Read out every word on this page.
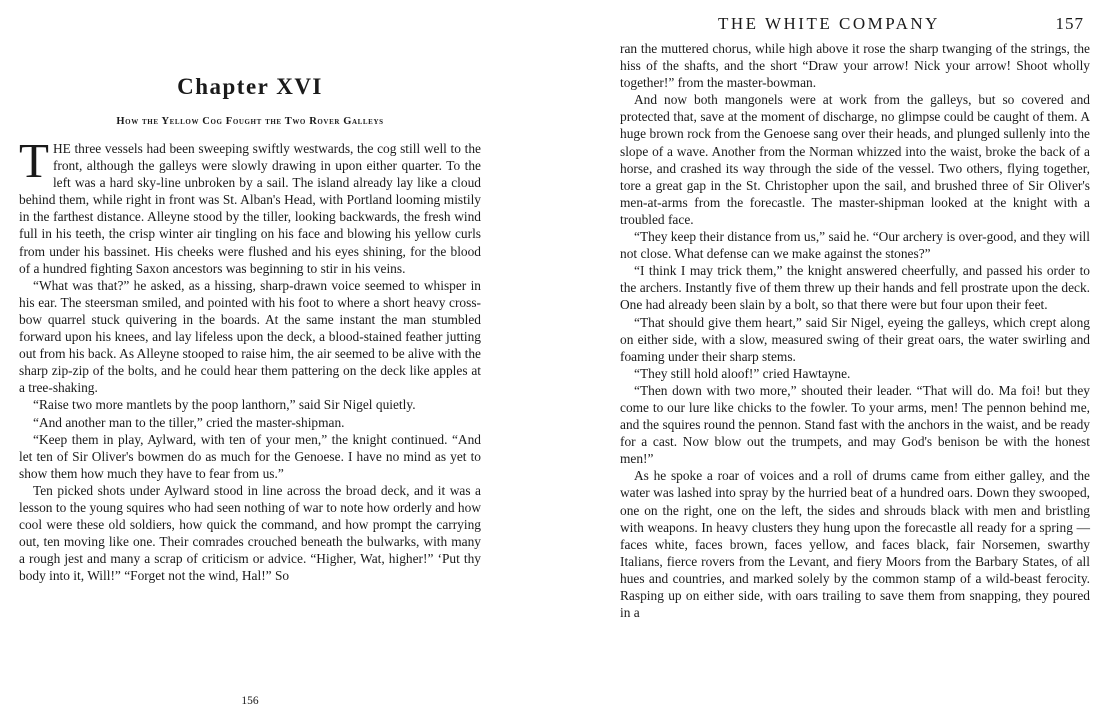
Chapter XVI
How the Yellow Cog Fought the Two Rover Galleys

THE three vessels had been sweeping swiftly westwards, the cog still well to the front, although the galleys were slowly drawing in upon either quarter. To the left was a hard sky-line unbroken by a sail. The island already lay like a cloud behind them, while right in front was St. Alban's Head, with Portland looming mistily in the farthest distance. Alleyne stood by the tiller, looking backwards, the fresh wind full in his teeth, the crisp winter air tingling on his face and blowing his yellow curls from under his bassinet. His cheeks were flushed and his eyes shining, for the blood of a hundred fighting Saxon ancestors was beginning to stir in his veins.

“What was that?” he asked, as a hissing, sharp-drawn voice seemed to whisper in his ear. The steersman smiled, and pointed with his foot to where a short heavy cross-bow quarrel stuck quivering in the boards. At the same instant the man stumbled forward upon his knees, and lay lifeless upon the deck, a blood-stained feather jutting out from his back. As Alleyne stooped to raise him, the air seemed to be alive with the sharp zip-zip of the bolts, and he could hear them pattering on the deck like apples at a tree-shaking.

“Raise two more mantlets by the poop lanthorn,” said Sir Nigel quietly.

“And another man to the tiller,” cried the master-shipman.

“Keep them in play, Aylward, with ten of your men,” the knight continued. “And let ten of Sir Oliver's bowmen do as much for the Genoese. I have no mind as yet to show them how much they have to fear from us.”

Ten picked shots under Aylward stood in line across the broad deck, and it was a lesson to the young squires who had seen nothing of war to note how orderly and how cool were these old soldiers, how quick the command, and how prompt the carrying out, ten moving like one. Their comrades crouched beneath the bulwarks, with many a rough jest and many a scrap of criticism or advice. “Higher, Wat, higher!” ‘Put thy body into it, Will!” “Forget not the wind, Hal!” So

156
THE WHITE COMPANY	157

ran the muttered chorus, while high above it rose the sharp twanging of the strings, the hiss of the shafts, and the short “Draw your arrow! Nick your arrow! Shoot wholly together!” from the master-bowman.

And now both mangonels were at work from the galleys, but so covered and protected that, save at the moment of discharge, no glimpse could be caught of them. A huge brown rock from the Genoese sang over their heads, and plunged sullenly into the slope of a wave. Another from the Norman whizzed into the waist, broke the back of a horse, and crashed its way through the side of the vessel. Two others, flying together, tore a great gap in the St. Christopher upon the sail, and brushed three of Sir Oliver's men-at-arms from the forecastle. The master-shipman looked at the knight with a troubled face.

“They keep their distance from us,” said he. “Our archery is over-good, and they will not close. What defense can we make against the stones?”

“I think I may trick them,” the knight answered cheerfully, and passed his order to the archers. Instantly five of them threw up their hands and fell prostrate upon the deck. One had already been slain by a bolt, so that there were but four upon their feet.

“That should give them heart,” said Sir Nigel, eyeing the galleys, which crept along on either side, with a slow, measured swing of their great oars, the water swirling and foaming under their sharp stems.

“They still hold aloof!” cried Hawtayne.

“Then down with two more,” shouted their leader. “That will do. Ma foi! but they come to our lure like chicks to the fowler. To your arms, men! The pennon behind me, and the squires round the pennon. Stand fast with the anchors in the waist, and be ready for a cast. Now blow out the trumpets, and may God's benison be with the honest men!”

As he spoke a roar of voices and a roll of drums came from either galley, and the water was lashed into spray by the hurried beat of a hundred oars. Down they swooped, one on the right, one on the left, the sides and shrouds black with men and bristling with weapons. In heavy clusters they hung upon the forecastle all ready for a spring — faces white, faces brown, faces yellow, and faces black, fair Norsemen, swarthy Italians, fierce rovers from the Levant, and fiery Moors from the Barbary States, of all hues and countries, and marked solely by the common stamp of a wild-beast ferocity. Rasping up on either side, with oars trailing to save them from snapping, they poured in a
